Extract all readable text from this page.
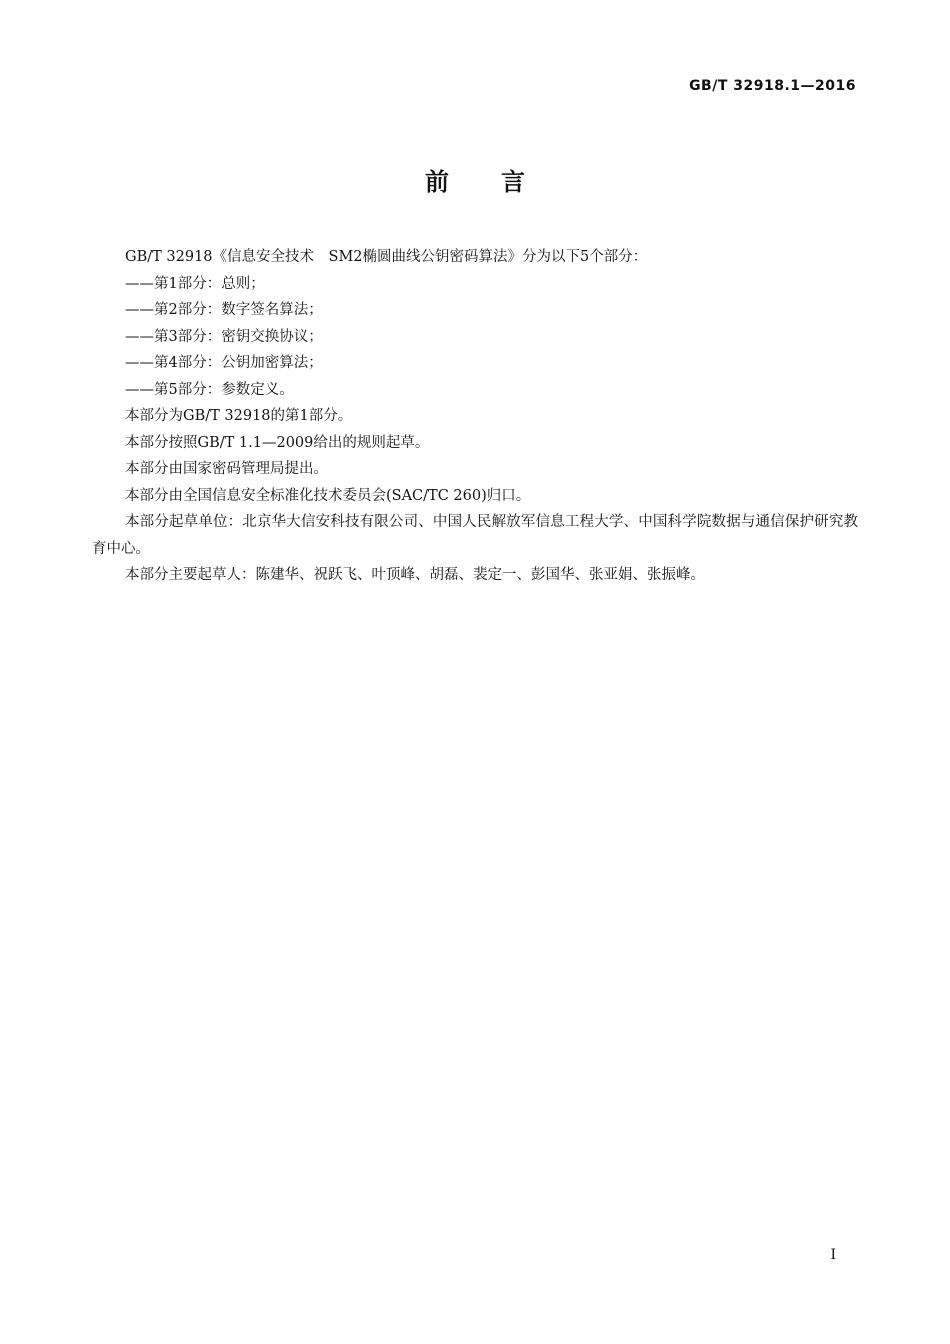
GB/T 32918.1—2016
前言

GB/T 32918《信息安全技术　SM2椭圆曲线公钥密码算法》分为以下5个部分：

——第1部分：总则；

——第2部分：数字签名算法；

——第3部分：密钥交换协议；

——第4部分：公钥加密算法；

——第5部分：参数定义。

本部分为GB/T 32918的第1部分。

本部分按照GB/T 1.1—2009给出的规则起草。

本部分由国家密码管理局提出。

本部分由全国信息安全标准化技术委员会(SAC/TC 260)归口。

本部分起草单位：北京华大信安科技有限公司、中国人民解放军信息工程大学、中国科学院数据与通信保护研究教育中心。

本部分主要起草人：陈建华、祝跃飞、叶顶峰、胡磊、裴定一、彭国华、张亚娟、张振峰。

I
